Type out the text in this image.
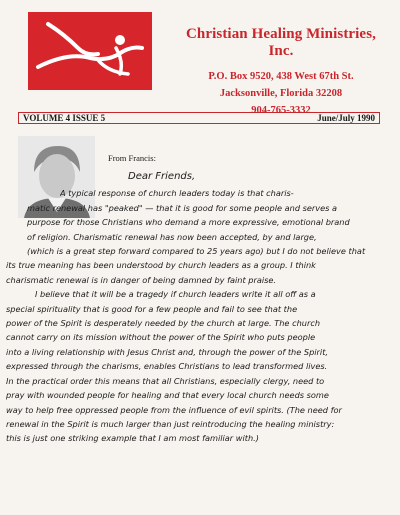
Christian Healing Ministries, Inc.
P.O. Box 9520, 438 West 67th St.
Jacksonville, Florida 32208
904-765-3332
VOLUME 4 ISSUE 5	June/July 1990
From Francis:
Dear Friends,
A typical response of church leaders today is that charis-
matic renewal has "peaked" — that it is good for some people and serves a
purpose for those Christians who demand a more expressive, emotional brand
of religion. Charismatic renewal has now been accepted, by and large,
(which is a great step forward compared to 25 years ago) but I do not believe that
its true meaning has been understood by church leaders as a group. I think
charismatic renewal is in danger of being damned by faint praise.
I believe that it will be a tragedy if church leaders write it all off as a
special spirituality that is good for a few people and fail to see that the
power of the Spirit is desperately needed by the church at large. The church
cannot carry on its mission without the power of the Spirit who puts people
into a living relationship with Jesus Christ and, through the power of the Spirit,
expressed through the charisms, enables Christians to lead transformed lives.
In the practical order this means that all Christians, especially clergy, need to
pray with wounded people for healing and that every local church needs some
way to help free oppressed people from the influence of evil spirits. (The need for
renewal in the Spirit is much larger than just reintroducing the healing ministry:
this is just one striking example that I am most familiar with.)
